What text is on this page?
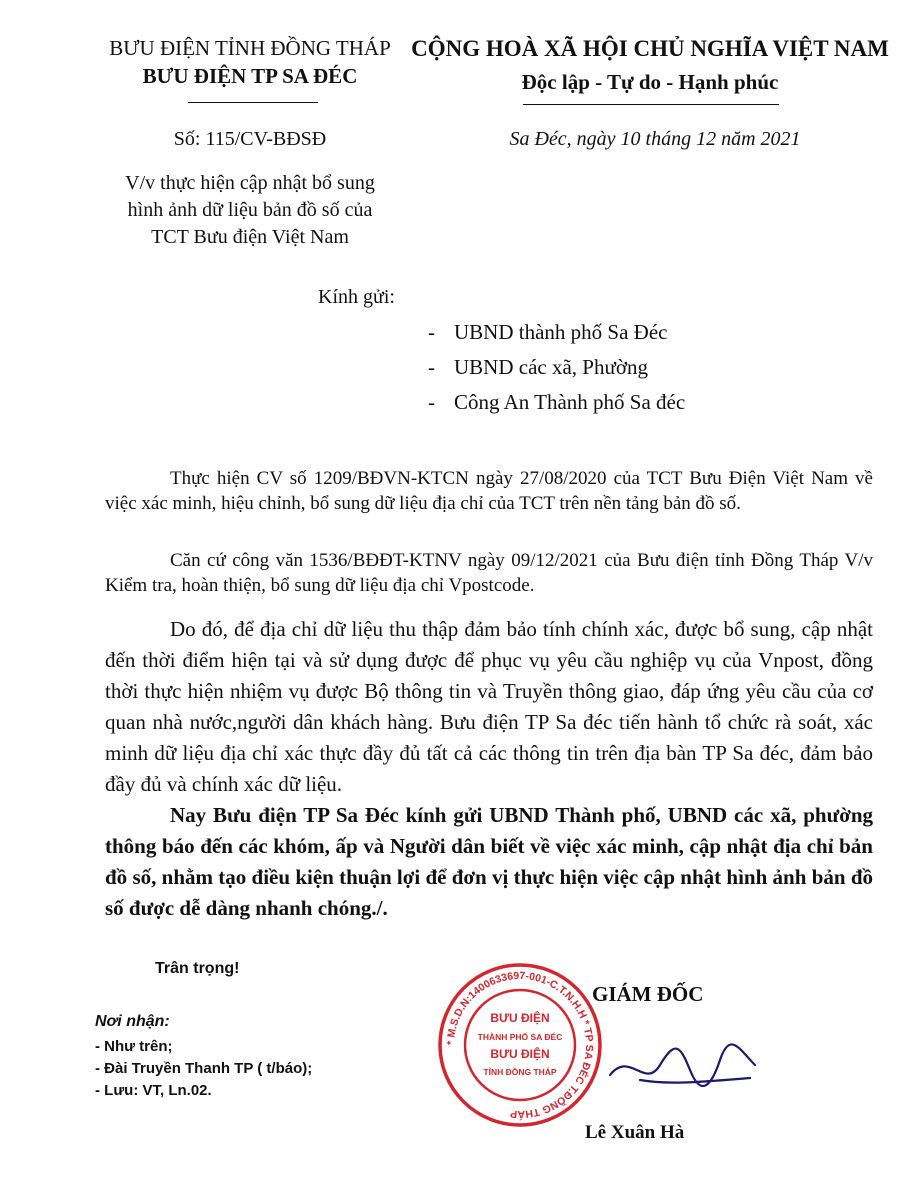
BƯU ĐIỆN TỈNH ĐỒNG THÁP
BƯU ĐIỆN TP SA ĐÉC
CỘNG HOÀ XÃ HỘI CHỦ NGHĨA VIỆT NAM
Độc lập - Tự do - Hạnh phúc
Số: 115/CV-BĐSĐ	Sa Đéc, ngày 10 tháng 12 năm 2021
V/v thực hiện cập nhật bổ sung
hình ảnh dữ liệu bản đồ số của
TCT Bưu điện Việt Nam
Kính gửi:
- UBND thành phố Sa Đéc
- UBND các xã, Phường
- Công An Thành phố Sa đéc

Thực hiện CV số 1209/BĐVN-KTCN ngày 27/08/2020 của TCT Bưu Điện Việt Nam về việc xác minh, hiệu chỉnh, bổ sung dữ liệu địa chỉ của TCT trên nền tảng bản đồ số.

Căn cứ công văn 1536/BĐĐT-KTNV ngày 09/12/2021 của Bưu điện tỉnh Đồng Tháp V/v Kiểm tra, hoàn thiện, bổ sung dữ liệu địa chỉ Vpostcode.

Do đó, để địa chỉ dữ liệu thu thập đảm bảo tính chính xác, được bổ sung, cập nhật đến thời điểm hiện tại và sử dụng được để phục vụ yêu cầu nghiệp vụ của Vnpost, đồng thời thực hiện nhiệm vụ được Bộ thông tin và Truyền thông giao, đáp ứng yêu cầu của cơ quan nhà nước,người dân khách hàng. Bưu điện TP Sa đéc tiến hành tổ chức rà soát, xác minh dữ liệu địa chỉ xác thực đầy đủ tất cả các thông tin trên địa bàn TP Sa đéc, đảm bảo đầy đủ và chính xác dữ liệu.

Nay Bưu điện TP Sa Đéc kính gửi UBND Thành phố, UBND các xã, phường thông báo đến các khóm, ấp và Người dân biết về việc xác minh, cập nhật địa chỉ bản đồ số, nhằm tạo điều kiện thuận lợi để đơn vị thực hiện việc cập nhật hình ảnh bản đồ số được dễ dàng nhanh chóng./.

Trân trọng!
Nơi nhận:
- Như trên;
- Đài Truyền Thanh TP ( t/báo);
- Lưu: VT, Ln.02.
GIÁM ĐỐC
* M.S.D.N:1400633697-001-C.T.N.H.H * TP SA ĐÉC T.ĐỒNG THÁP
BƯU ĐIỆN
THÀNH PHỐ SA ĐÉC
BƯU ĐIỆN
TỈNH ĐỒNG THÁP
Lê Xuân Hà
